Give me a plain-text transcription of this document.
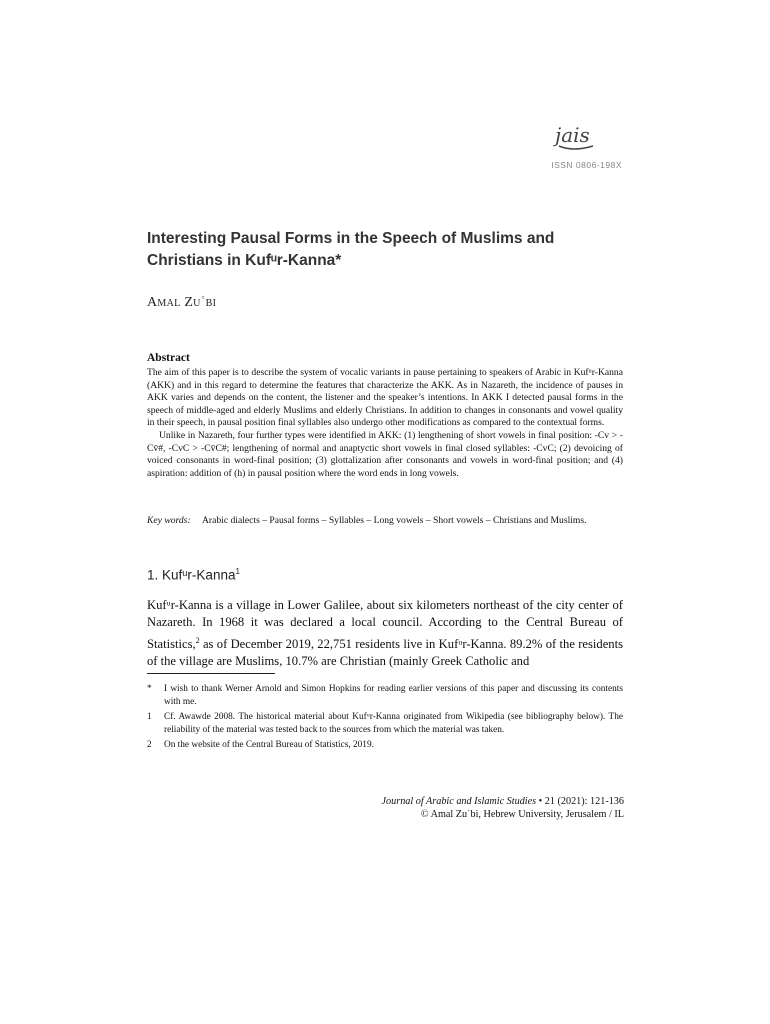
jais
ISSN 0806-198X
Interesting Pausal Forms in the Speech of Muslims and Christians in Kufᵘr-Kanna*
Amal Zuʿbi
Abstract

The aim of this paper is to describe the system of vocalic variants in pause pertaining to speakers of Arabic in Kufᵘr-Kanna (AKK) and in this regard to determine the features that characterize the AKK. As in Nazareth, the incidence of pauses in AKK varies and depends on the content, the listener and the speaker’s intentions. In AKK I detected pausal forms in the speech of middle-aged and elderly Muslims and elderly Christians. In addition to changes in consonants and vowel quality in their speech, in pausal position final syllables also undergo other modifications as compared to the contextual forms.

Unlike in Nazareth, four further types were identified in AKK: (1) lengthening of short vowels in final position: -Cv > -Cv̄#, -CvC > -Cv̄C#; lengthening of normal and anaptyctic short vowels in final closed syllables: -CvC; (2) devoicing of voiced consonants in word-final position; (3) glottalization after consonants and vowels in word-final position; and (4) aspiration: addition of (h) in pausal position where the word ends in long vowels.

Key words:	Arabic dialects – Pausal forms – Syllables – Long vowels – Short vowels – Christians and Muslims.
1. Kufᵘr-Kanna$^1$
Kufᵘr-Kanna is a village in Lower Galilee, about six kilometers northeast of the city center of Nazareth. In 1968 it was declared a local council. According to the Central Bureau of Statistics,$^2$ as of December 2019, 22,751 residents live in Kufᵘr-Kanna. 89.2% of the residents of the village are Muslims, 10.7% are Christian (mainly Greek Catholic and
*	I wish to thank Werner Arnold and Simon Hopkins for reading earlier versions of this paper and discussing its contents with me.
1	Cf. Awawde 2008. The historical material about Kufᵘr-Kanna originated from Wikipedia (see bibliography below). The reliability of the material was tested back to the sources from which the material was taken.
2	On the website of the Central Bureau of Statistics, 2019.
Journal of Arabic and Islamic Studies • 21 (2021): 121-136
© Amal Zuʿbi, Hebrew University, Jerusalem / IL
